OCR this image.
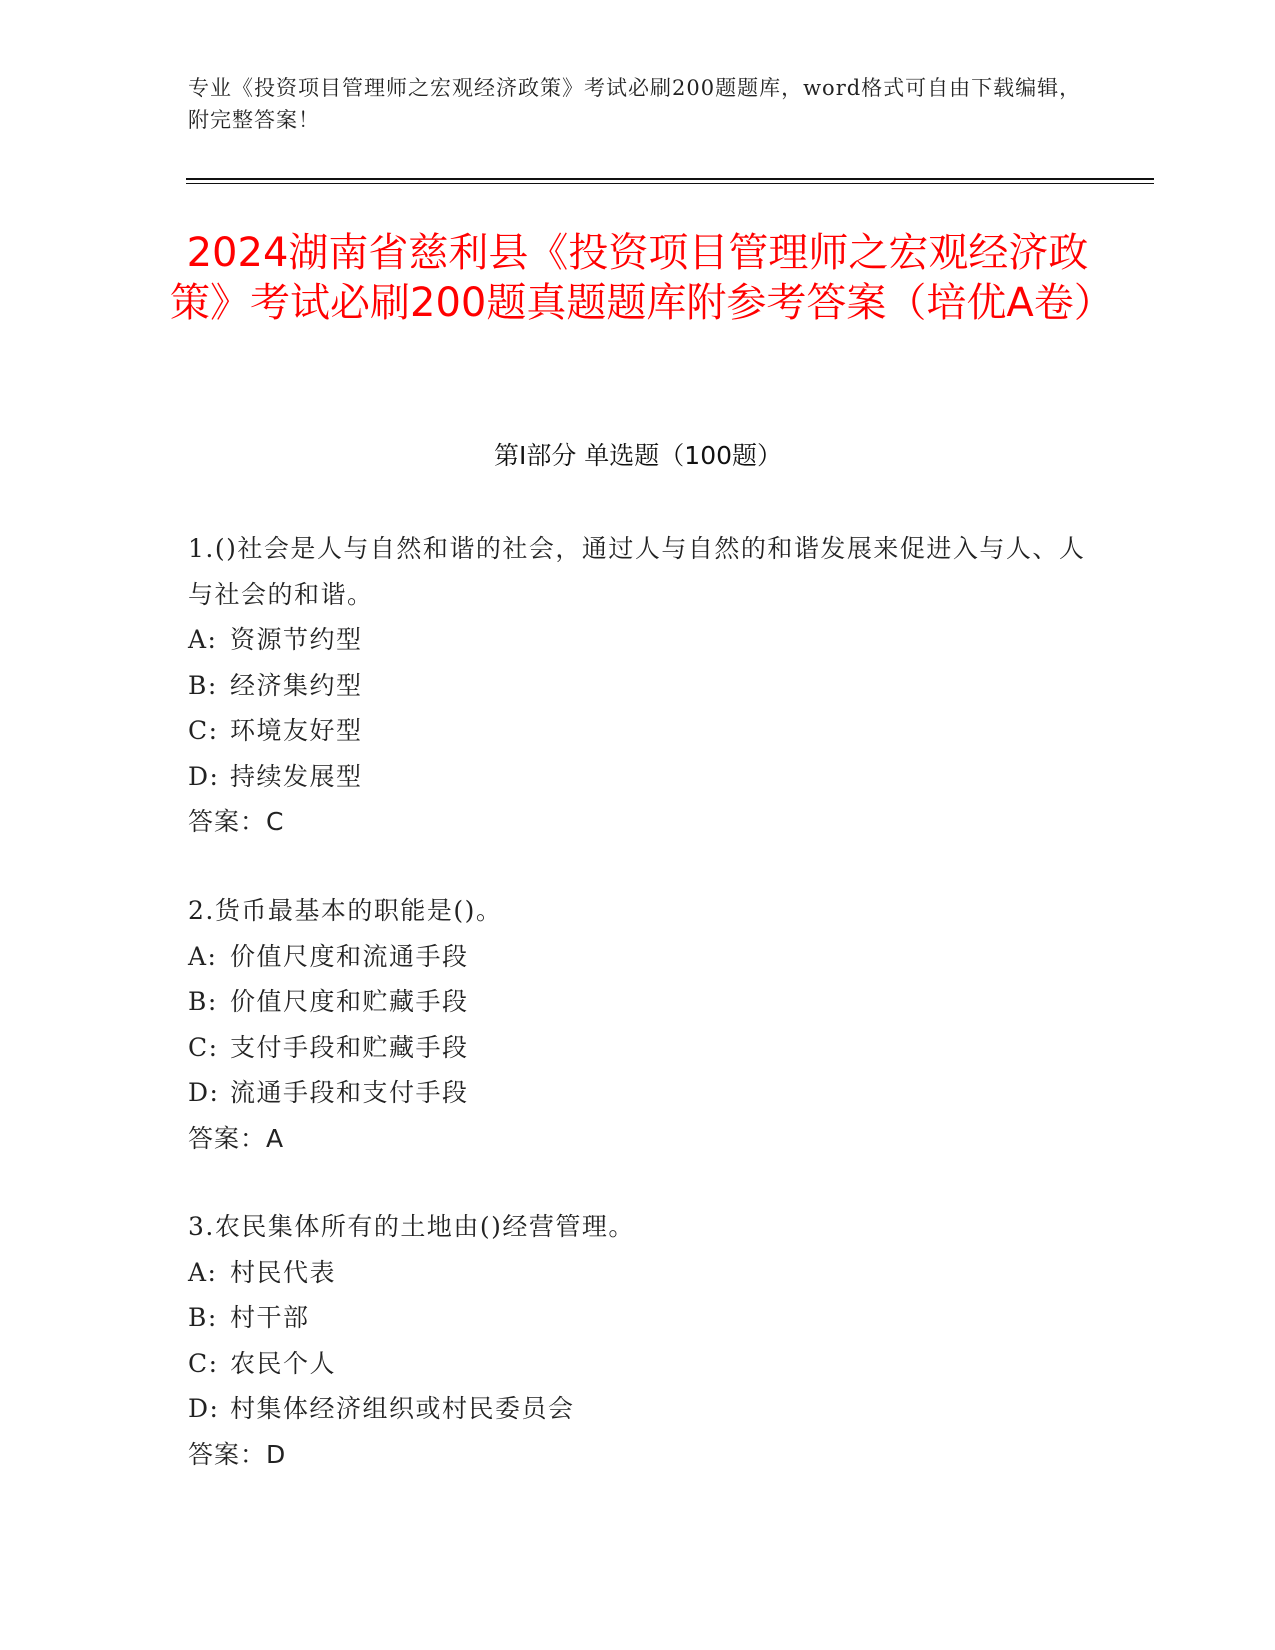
专业《投资项目管理师之宏观经济政策》考试必刷200题题库，word格式可自由下载编辑，附完整答案！
2024湖南省慈利县《投资项目管理师之宏观经济政策》考试必刷200题真题题库附参考答案（培优A卷）
第I部分 单选题（100题）
1.()社会是人与自然和谐的社会，通过人与自然的和谐发展来促进入与人、人与社会的和谐。
A: 资源节约型
B: 经济集约型
C: 环境友好型
D: 持续发展型
答案：C
2.货币最基本的职能是()。
A: 价值尺度和流通手段
B: 价值尺度和贮藏手段
C: 支付手段和贮藏手段
D: 流通手段和支付手段
答案：A
3.农民集体所有的土地由()经营管理。
A: 村民代表
B: 村干部
C: 农民个人
D: 村集体经济组织或村民委员会
答案：D
